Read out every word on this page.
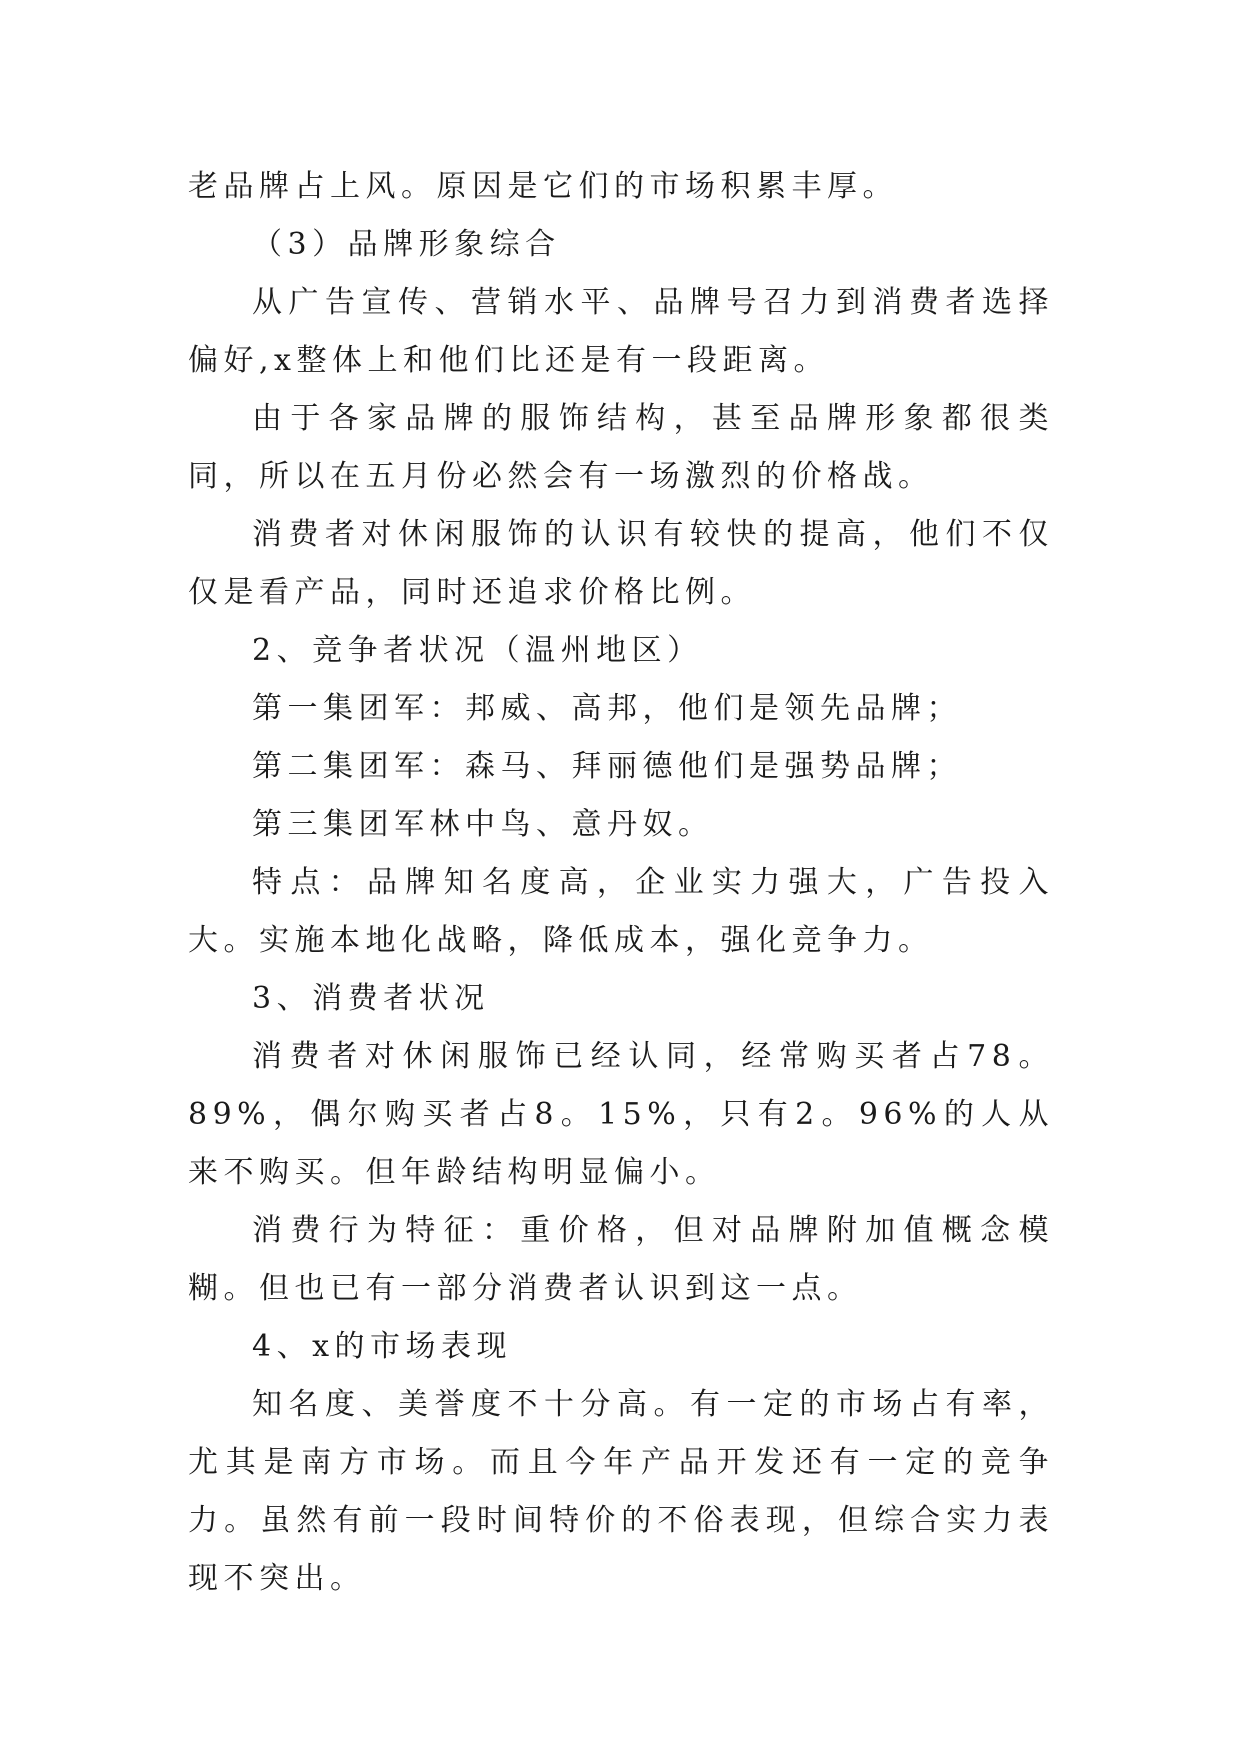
老品牌占上风。原因是它们的市场积累丰厚。

（3）品牌形象综合

从广告宣传、营销水平、品牌号召力到消费者选择偏好,x整体上和他们比还是有一段距离。

由于各家品牌的服饰结构，甚至品牌形象都很类同，所以在五月份必然会有一场激烈的价格战。

消费者对休闲服饰的认识有较快的提高，他们不仅仅是看产品，同时还追求价格比例。

2、竞争者状况（温州地区）

第一集团军：邦威、高邦，他们是领先品牌；

第二集团军：森马、拜丽德他们是强势品牌；

第三集团军林中鸟、意丹奴。

特点：品牌知名度高，企业实力强大，广告投入大。实施本地化战略，降低成本，强化竞争力。

3、消费者状况

消费者对休闲服饰已经认同，经常购买者占78。89%，偶尔购买者占8。15%，只有2。96%的人从来不购买。但年龄结构明显偏小。

消费行为特征：重价格，但对品牌附加值概念模糊。但也已有一部分消费者认识到这一点。

4、x的市场表现

知名度、美誉度不十分高。有一定的市场占有率，尤其是南方市场。而且今年产品开发还有一定的竞争力。虽然有前一段时间特价的不俗表现，但综合实力表现不突出。
